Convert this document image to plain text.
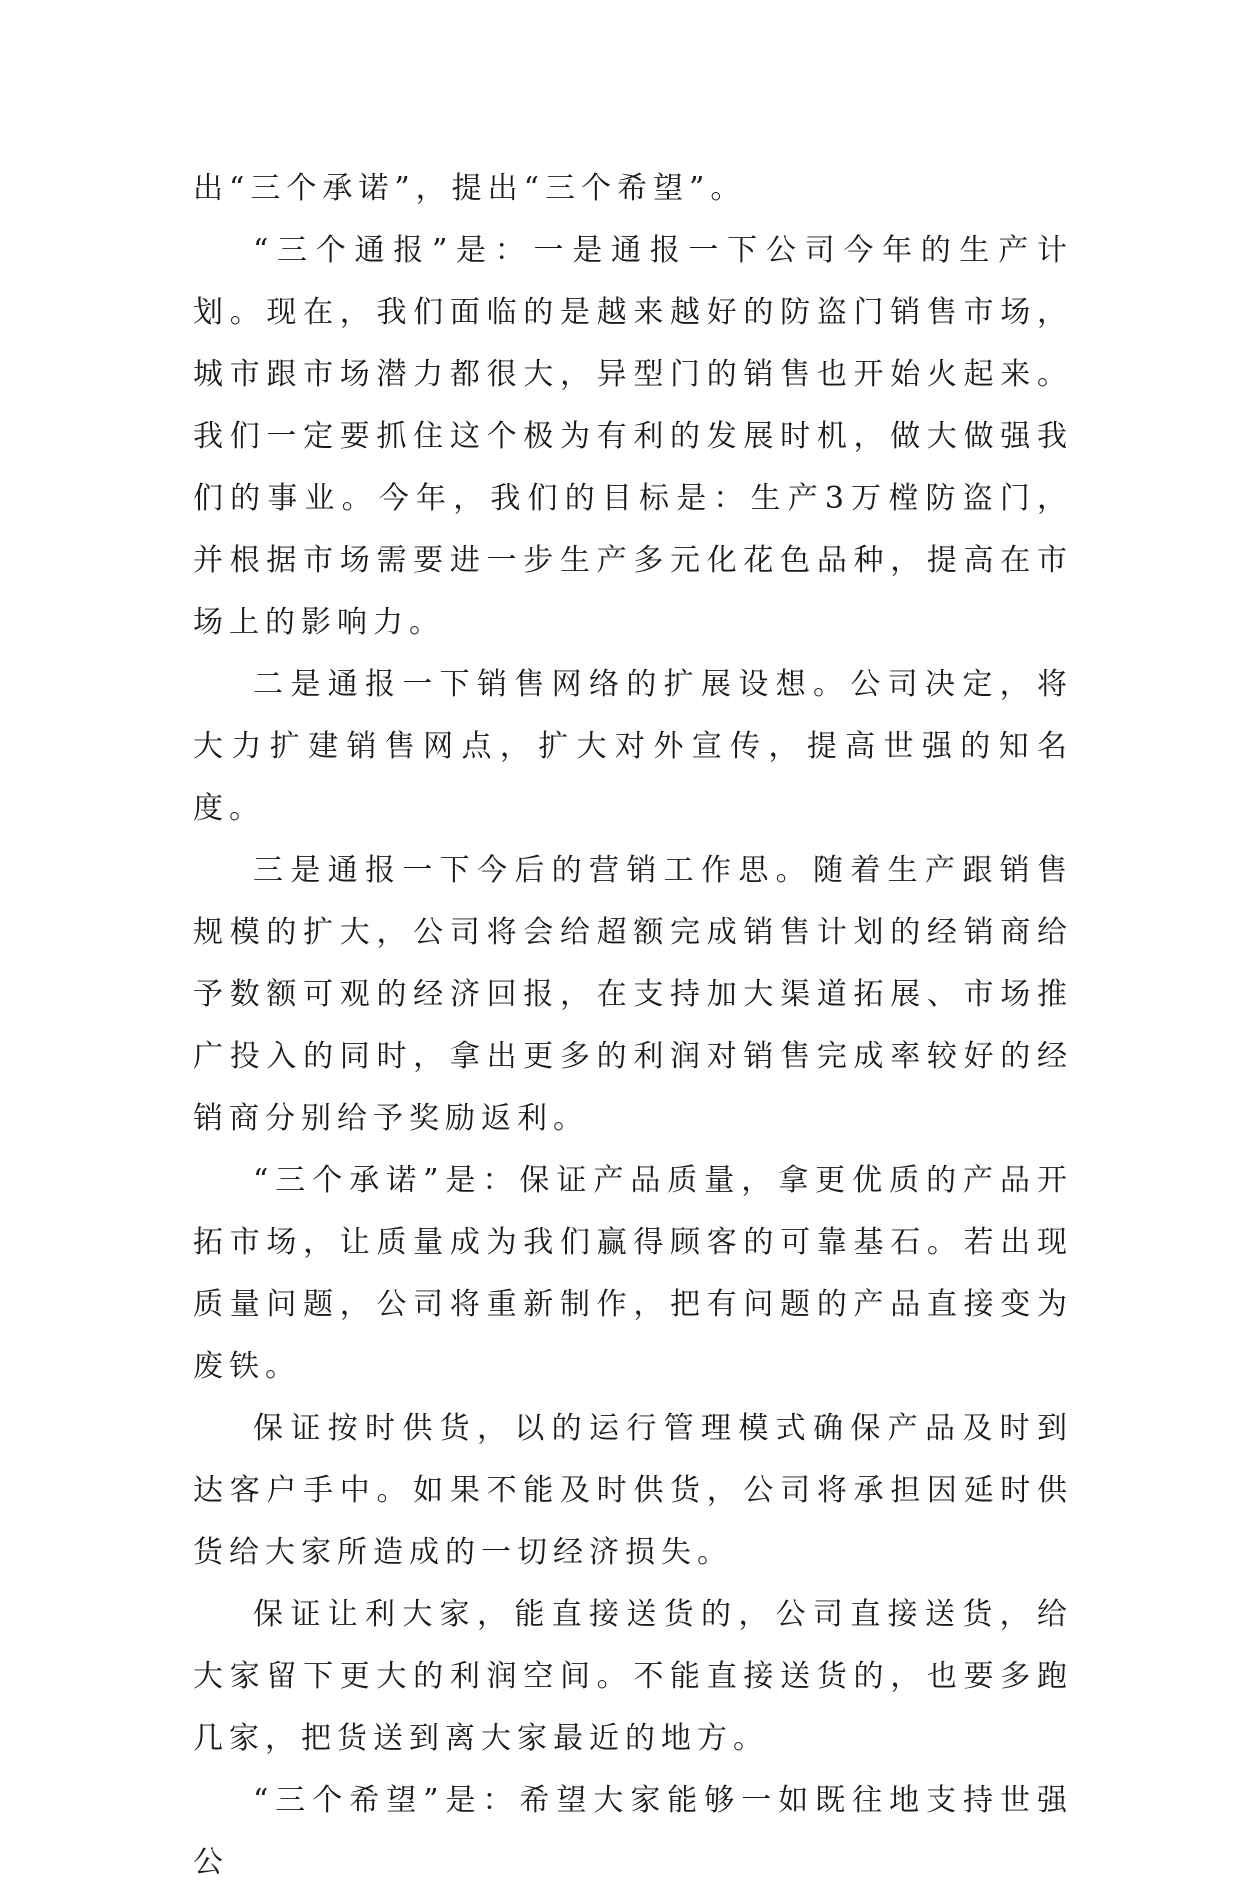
出“三个承诺”，提出“三个希望”。

“三个通报”是：一是通报一下公司今年的生产计划。现在，我们面临的是越来越好的防盗门销售市场，城市跟市场潜力都很大，异型门的销售也开始火起来。我们一定要抓住这个极为有利的发展时机，做大做强我们的事业。今年，我们的目标是：生产3万樘防盗门，并根据市场需要进一步生产多元化花色品种，提高在市场上的影响力。

二是通报一下销售网络的扩展设想。公司决定，将大力扩建销售网点，扩大对外宣传，提高世强的知名度。

三是通报一下今后的营销工作思。随着生产跟销售规模的扩大，公司将会给超额完成销售计划的经销商给予数额可观的经济回报，在支持加大渠道拓展、市场推广投入的同时，拿出更多的利润对销售完成率较好的经销商分别给予奖励返利。

“三个承诺”是：保证产品质量，拿更优质的产品开拓市场，让质量成为我们赢得顾客的可靠基石。若出现质量问题，公司将重新制作，把有问题的产品直接变为废铁。

保证按时供货，以的运行管理模式确保产品及时到达客户手中。如果不能及时供货，公司将承担因延时供货给大家所造成的一切经济损失。

保证让利大家，能直接送货的，公司直接送货，给大家留下更大的利润空间。不能直接送货的，也要多跑几家，把货送到离大家最近的地方。

“三个希望”是：希望大家能够一如既往地支持世强公
